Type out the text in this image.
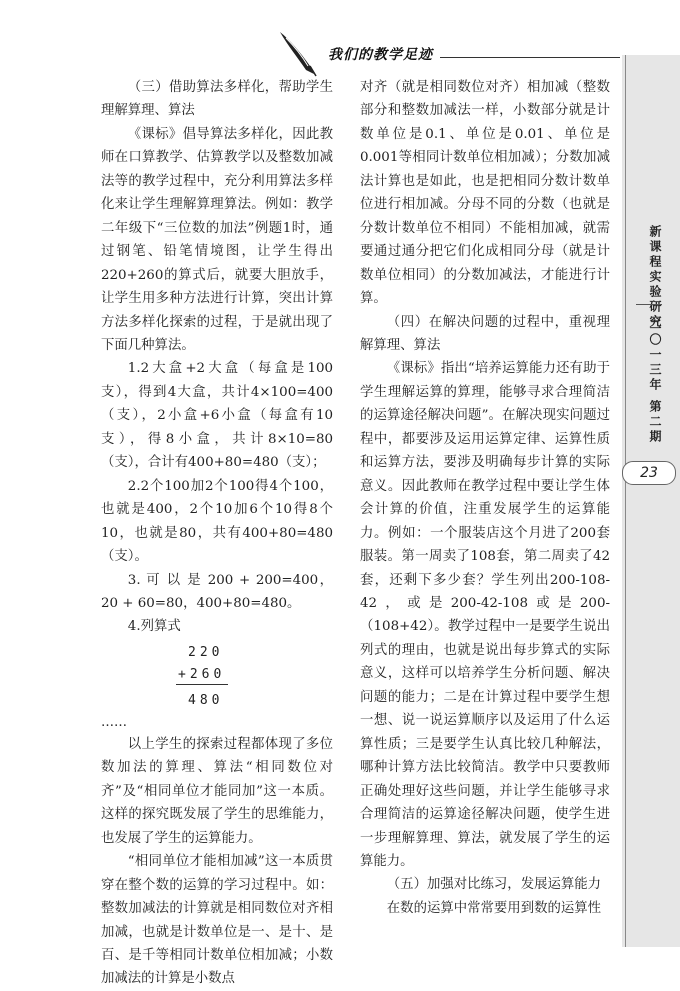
我们的教学足迹

（三）借助算法多样化，帮助学生理解算理、算法

《课标》倡导算法多样化，因此教师在口算教学、估算教学以及整数加减法等的教学过程中，充分利用算法多样化来让学生理解算理算法。例如：教学二年级下“三位数的加法”例题1时，通过钢笔、铅笔情境图，让学生得出220+260的算式后，就要大胆放手，让学生用多种方法进行计算，突出计算方法多样化探索的过程，于是就出现了下面几种算法。

1.2大盒+2大盒（每盒是100支），得到4大盒，共计4×100=400（支），2小盒+6小盒（每盒有10支），得8小盒，共计8×10=80（支），合计有400+80=480（支）；

2.2个100加2个100得4个100，也就是400，2个10加6个10得8个10，也就是80，共有400+80=480（支）。

3. 可 以 是 200 + 200=400，20 + 60=80，400+80=480。

4.列算式

220
+260
480
……

以上学生的探索过程都体现了多位数加法的算理、算法“相同数位对齐”及“相同单位才能同加”这一本质。这样的探究既发展了学生的思维能力，也发展了学生的运算能力。

“相同单位才能相加减”这一本质贯穿在整个数的运算的学习过程中。如：整数加减法的计算就是相同数位对齐相加减，也就是计数单位是一、是十、是百、是千等相同计数单位相加减；小数加减法的计算是小数点

对齐（就是相同数位对齐）相加减（整数部分和整数加减法一样，小数部分就是计数单位是0.1、单位是0.01、单位是0.001等相同计数单位相加减）；分数加减法计算也是如此，也是把相同分数计数单位进行相加减。分母不同的分数（也就是分数计数单位不相同）不能相加减，就需要通过通分把它们化成相同分母（就是计数单位相同）的分数加减法，才能进行计算。

（四）在解决问题的过程中，重视理解算理、算法

《课标》指出“培养运算能力还有助于学生理解运算的算理，能够寻求合理简洁的运算途径解决问题”。在解决现实问题过程中，都要涉及运用运算定律、运算性质和运算方法，要涉及明确每步计算的实际意义。因此教师在教学过程中要让学生体会计算的价值，注重发展学生的运算能力。例如：一个服装店这个月进了200套服装。第一周卖了108套，第二周卖了42套，还剩下多少套？学生列出200-108-42，或是200-42-108或是200-（108+42）。教学过程中一是要学生说出列式的理由，也就是说出每步算式的实际意义，这样可以培养学生分析问题、解决问题的能力；二是在计算过程中要学生想一想、说一说运算顺序以及运用了什么运算性质；三是要学生认真比较几种解法，哪种计算方法比较简洁。教学中只要教师正确处理好这些问题，并让学生能够寻求合理简洁的运算途径解决问题，使学生进一步理解算理、算法，就发展了学生的运算能力。

（五）加强对比练习，发展运算能力

在数的运算中常常要用到数的运算性

新课程实验研究
二〇一三年 第二期
23
